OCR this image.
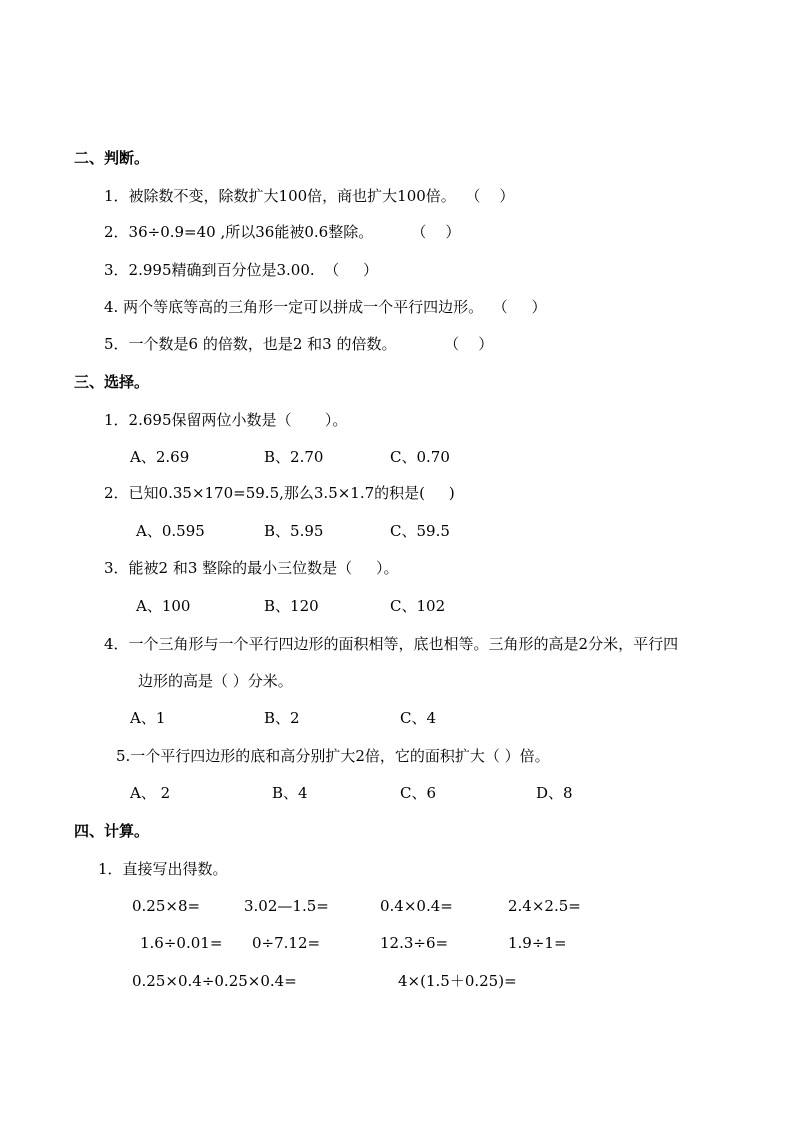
二、判断。
1．被除数不变，除数扩大100倍，商也扩大100倍。  （    ）
2．36÷0.9=40 ,所以36能被0.6整除。        （    ）
3．2.995精确到百分位是3.00.  （     ）
4. 两个等底等高的三角形一定可以拼成一个平行四边形。  （     ）
5．一个数是6 的倍数，也是2 和3 的倍数。          （    ）
三、选择。
1．2.695保留两位小数是（       ）。
A、2.69	B、2.70	C、0.70
2．已知0.35×170=59.5,那么3.5×1.7的积是(     )
A、0.595	B、5.95	C、59.5
3．能被2 和3 整除的最小三位数是（     ）。
A、100	B、120	C、102
4．一个三角形与一个平行四边形的面积相等，底也相等。三角形的高是2分米，平行四
边形的高是（ ）分米。
A、1	B、2	C、4
5.一个平行四边形的底和高分别扩大2倍，它的面积扩大（ ）倍。
A、 2	B、4	C、6	D、8
四、计算。
1．直接写出得数。
0.25×8=	3.02—1.5=	0.4×0.4=	2.4×2.5=
1.6÷0.01= 0÷7.12=	12.3÷6=	1.9÷1=
0.25×0.4÷0.25×0.4=	4×(1.5＋0.25)=
